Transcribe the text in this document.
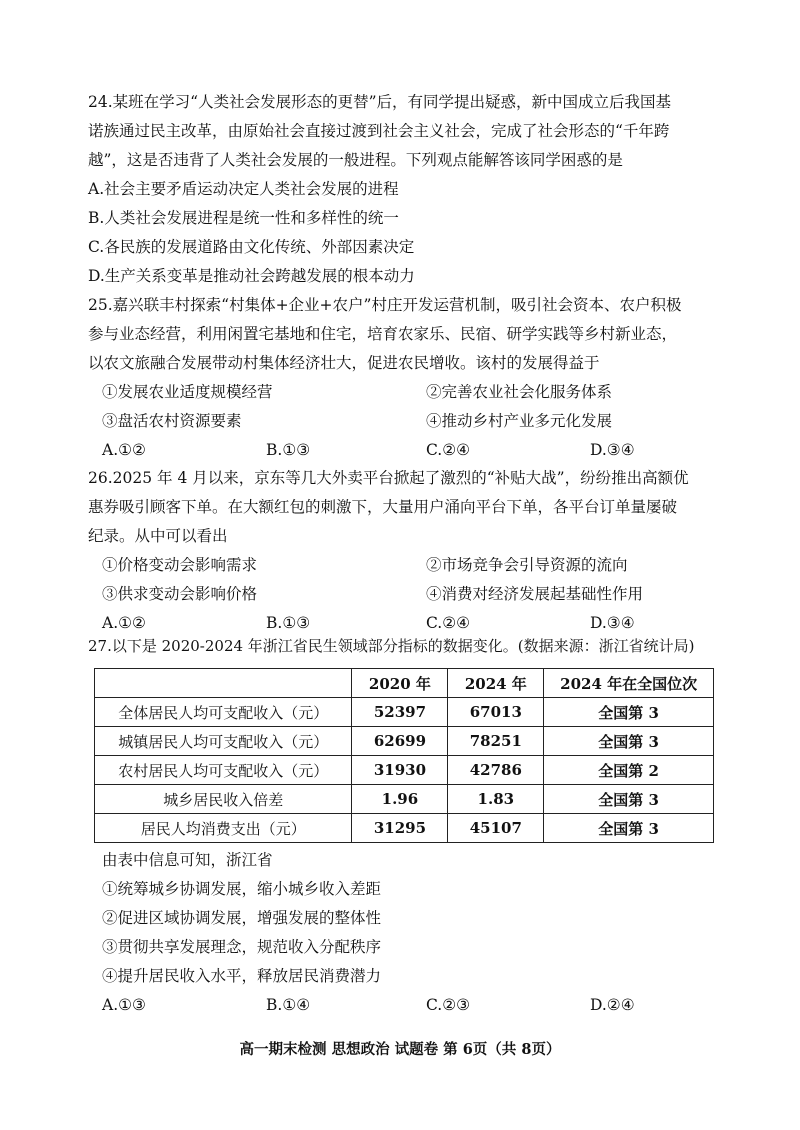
24.某班在学习“人类社会发展形态的更替”后，有同学提出疑惑，新中国成立后我国基
诺族通过民主改革，由原始社会直接过渡到社会主义社会，完成了社会形态的“千年跨
越”，这是否违背了人类社会发展的一般进程。下列观点能解答该同学困惑的是
A.社会主要矛盾运动决定人类社会发展的进程
B.人类社会发展进程是统一性和多样性的统一
C.各民族的发展道路由文化传统、外部因素决定
D.生产关系变革是推动社会跨越发展的根本动力
25.嘉兴联丰村探索“村集体+企业+农户”村庄开发运营机制，吸引社会资本、农户积极
参与业态经营，利用闲置宅基地和住宅，培育农家乐、民宿、研学实践等乡村新业态，
以农文旅融合发展带动村集体经济壮大，促进农民增收。该村的发展得益于
①发展农业适度规模经营	②完善农业社会化服务体系
③盘活农村资源要素	④推动乡村产业多元化发展
A.①②	B.①③	C.②④	D.③④
26.2025 年 4 月以来，京东等几大外卖平台掀起了激烈的“补贴大战”，纷纷推出高额优
惠券吸引顾客下单。在大额红包的刺激下，大量用户涌向平台下单，各平台订单量屡破
纪录。从中可以看出
①价格变动会影响需求	②市场竞争会引导资源的流向
③供求变动会影响价格	④消费对经济发展起基础性作用
A.①②	B.①③	C.②④	D.③④
27.以下是 2020-2024 年浙江省民生领域部分指标的数据变化。(数据来源：浙江省统计局)
	2020 年	2024 年	2024 年在全国位次
全体居民人均可支配收入（元）	52397	67013	全国第 3
城镇居民人均可支配收入（元）	62699	78251	全国第 3
农村居民人均可支配收入（元）	31930	42786	全国第 2
城乡居民收入倍差	1.96	1.83	全国第 3
居民人均消费支出（元）	31295	45107	全国第 3
由表中信息可知，浙江省
①统筹城乡协调发展，缩小城乡收入差距
②促进区域协调发展，增强发展的整体性
③贯彻共享发展理念，规范收入分配秩序
④提升居民收入水平，释放居民消费潜力
A.①③	B.①④	C.②③	D.②④
高一期末检测 思想政治 试题卷 第 6页（共 8页）
